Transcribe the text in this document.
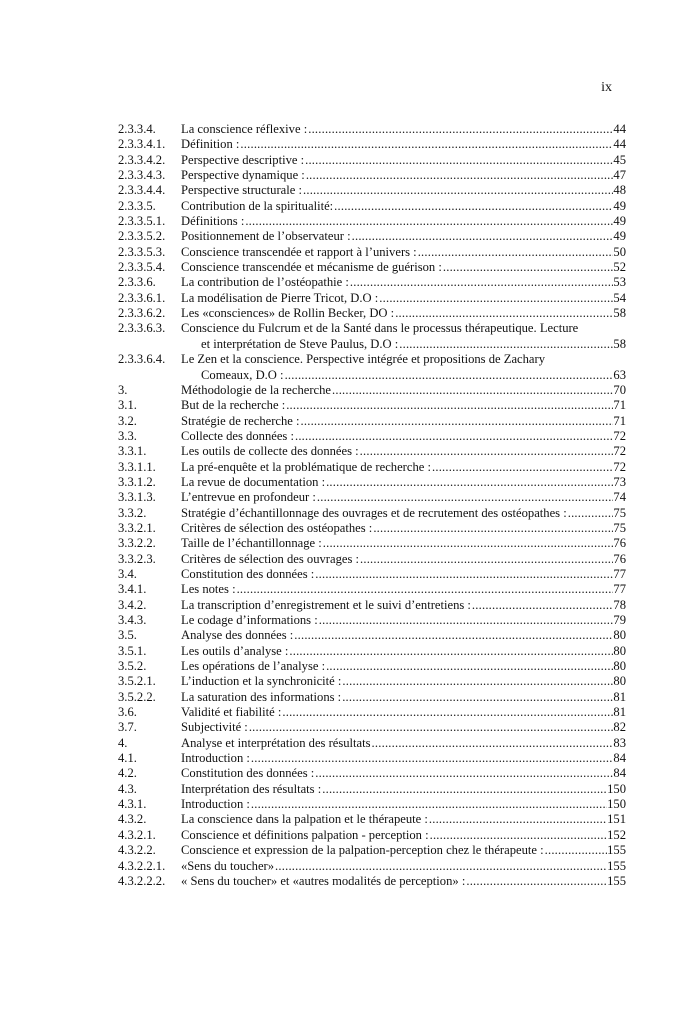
ix
2.3.3.4.	La conscience réflexive : .....	44
2.3.3.4.1.	Définition : .....	44
2.3.3.4.2.	Perspective descriptive : .....	45
2.3.3.4.3.	Perspective dynamique : .....	47
2.3.3.4.4.	Perspective structurale : .....	48
2.3.3.5.	Contribution de la spiritualité: .....	49
2.3.3.5.1.	Définitions : .....	49
2.3.3.5.2.	Positionnement de l’observateur : .....	49
2.3.3.5.3.	Conscience transcendée et rapport à l’univers : .....	50
2.3.3.5.4.	Conscience transcendée et mécanisme de guérison : .....	52
2.3.3.6.	La contribution de l’ostéopathie : .....	53
2.3.3.6.1.	La modélisation de Pierre Tricot, D.O : .....	54
2.3.3.6.2.	Les «consciences» de Rollin Becker, DO : .....	58
2.3.3.6.3.	Conscience du Fulcrum et de la Santé dans le processus thérapeutique. Lecture
et interprétation de Steve Paulus, D.O : .....	58
2.3.3.6.4.	Le Zen et la conscience. Perspective intégrée et propositions de Zachary
Comeaux, D.O : .....	63
3.	Méthodologie de la recherche .....	70
3.1.	But de la recherche : .....	71
3.2.	Stratégie de recherche : .....	71
3.3.	Collecte des données : .....	72
3.3.1.	Les outils de collecte des données : .....	72
3.3.1.1.	La pré-enquête et la problématique de recherche : .....	72
3.3.1.2.	La revue de documentation : .....	73
3.3.1.3.	L’entrevue en profondeur : .....	74
3.3.2.	Stratégie d’échantillonnage des ouvrages et de recrutement des ostéopathes : .....	75
3.3.2.1.	Critères de sélection des ostéopathes : .....	75
3.3.2.2.	Taille de l’échantillonnage : .....	76
3.3.2.3.	Critères de sélection des ouvrages : .....	76
3.4.	Constitution des données : .....	77
3.4.1.	Les notes : .....	77
3.4.2.	La transcription d’enregistrement et le suivi d’entretiens : .....	78
3.4.3.	Le codage d’informations : .....	79
3.5.	Analyse des données : .....	80
3.5.1.	Les outils d’analyse : .....	80
3.5.2.	Les opérations de l’analyse : .....	80
3.5.2.1.	L’induction et la synchronicité : .....	80
3.5.2.2.	La saturation des informations : .....	81
3.6.	Validité et fiabilité : .....	81
3.7.	Subjectivité : .....	82
4.	Analyse et interprétation des résultats .....	83
4.1.	Introduction : .....	84
4.2.	Constitution des données : .....	84
4.3.	Interprétation des résultats : .....	150
4.3.1.	Introduction : .....	150
4.3.2.	La conscience dans la palpation et le thérapeute : .....	151
4.3.2.1.	Conscience et définitions palpation - perception : .....	152
4.3.2.2.	Conscience et expression de la palpation-perception chez le thérapeute : .....	155
4.3.2.2.1.	«Sens du toucher» .....	155
4.3.2.2.2.	« Sens du toucher» et «autres modalités de perception» : .....	155
